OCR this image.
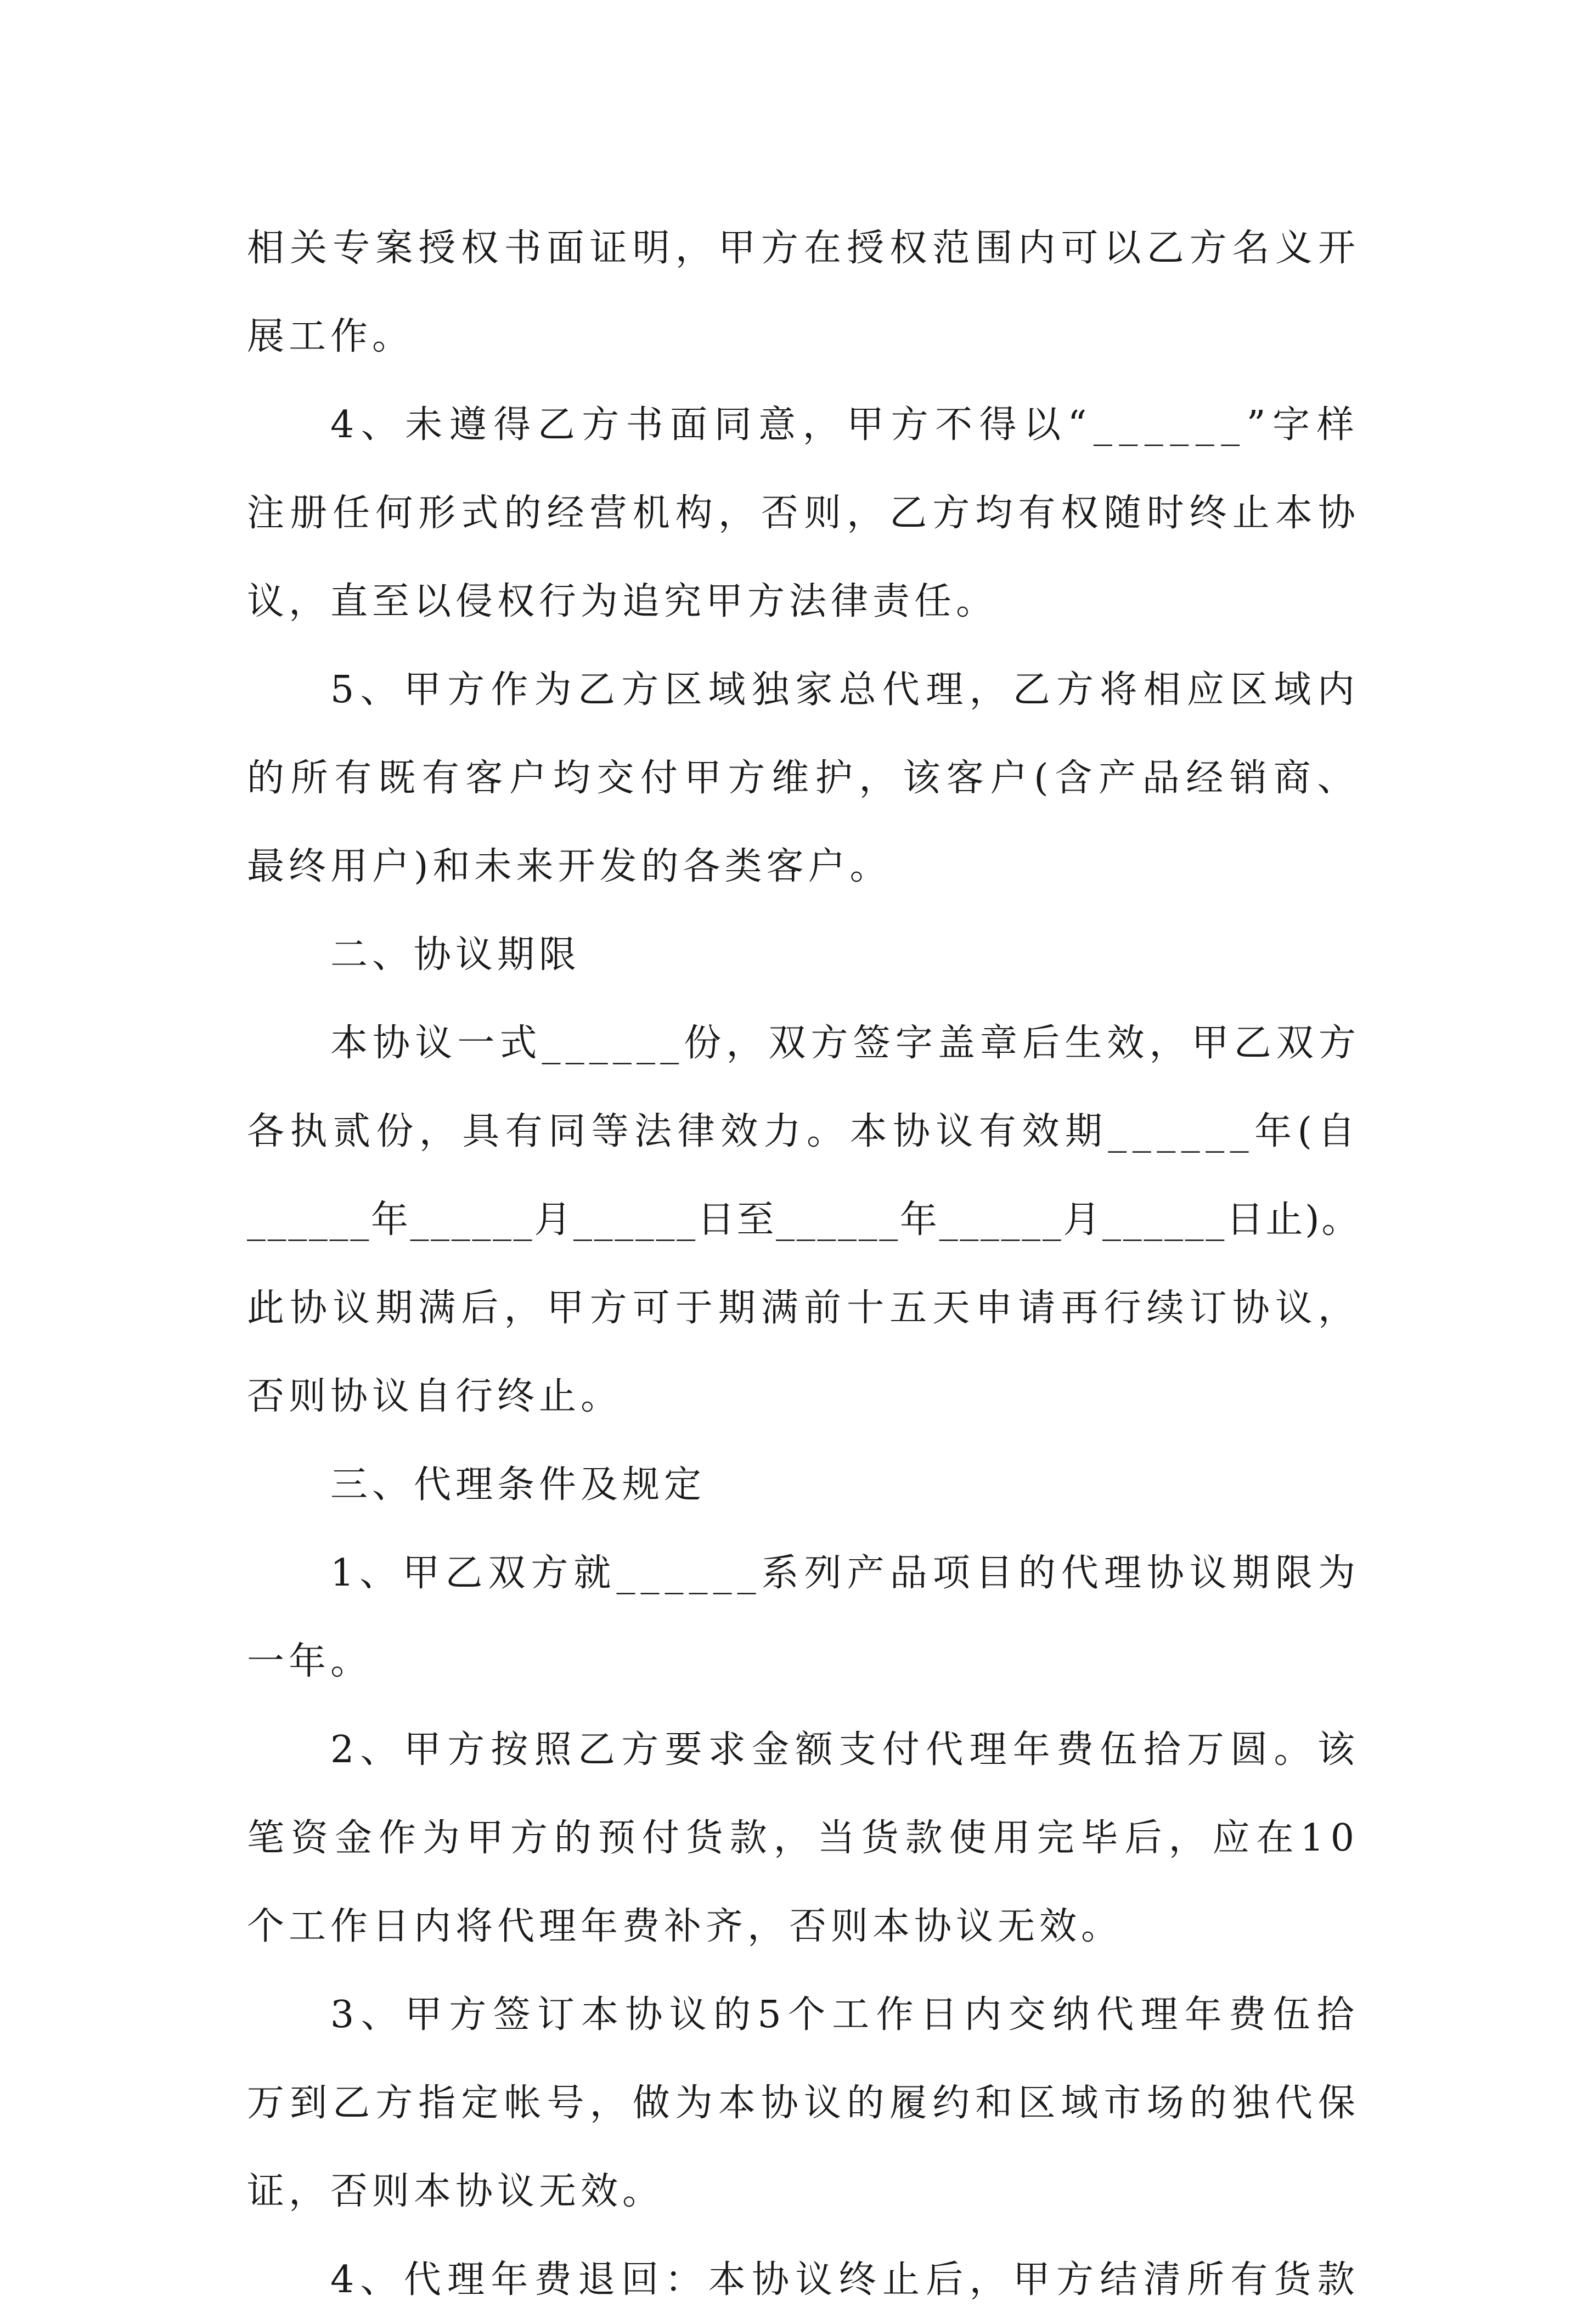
相关专案授权书面证明，甲方在授权范围内可以乙方名义开
展工作。
4、未遵得乙方书面同意，甲方不得以“______”字样
注册任何形式的经营机构，否则，乙方均有权随时终止本协
议，直至以侵权行为追究甲方法律责任。
5、甲方作为乙方区域独家总代理，乙方将相应区域内
的所有既有客户均交付甲方维护，该客户(含产品经销商、
最终用户)和未来开发的各类客户。
二、协议期限
本协议一式______份，双方签字盖章后生效，甲乙双方
各执贰份，具有同等法律效力。本协议有效期______年(自
______年______月______日至______年______月______日止)。
此协议期满后，甲方可于期满前十五天申请再行续订协议，
否则协议自行终止。
三、代理条件及规定
1、甲乙双方就______系列产品项目的代理协议期限为
一年。
2、甲方按照乙方要求金额支付代理年费伍拾万圆。该
笔资金作为甲方的预付货款，当货款使用完毕后，应在10
个工作日内将代理年费补齐，否则本协议无效。
3、甲方签订本协议的5个工作日内交纳代理年费伍拾
万到乙方指定帐号，做为本协议的履约和区域市场的独代保
证，否则本协议无效。
4、代理年费退回：本协议终止后，甲方结清所有货款
